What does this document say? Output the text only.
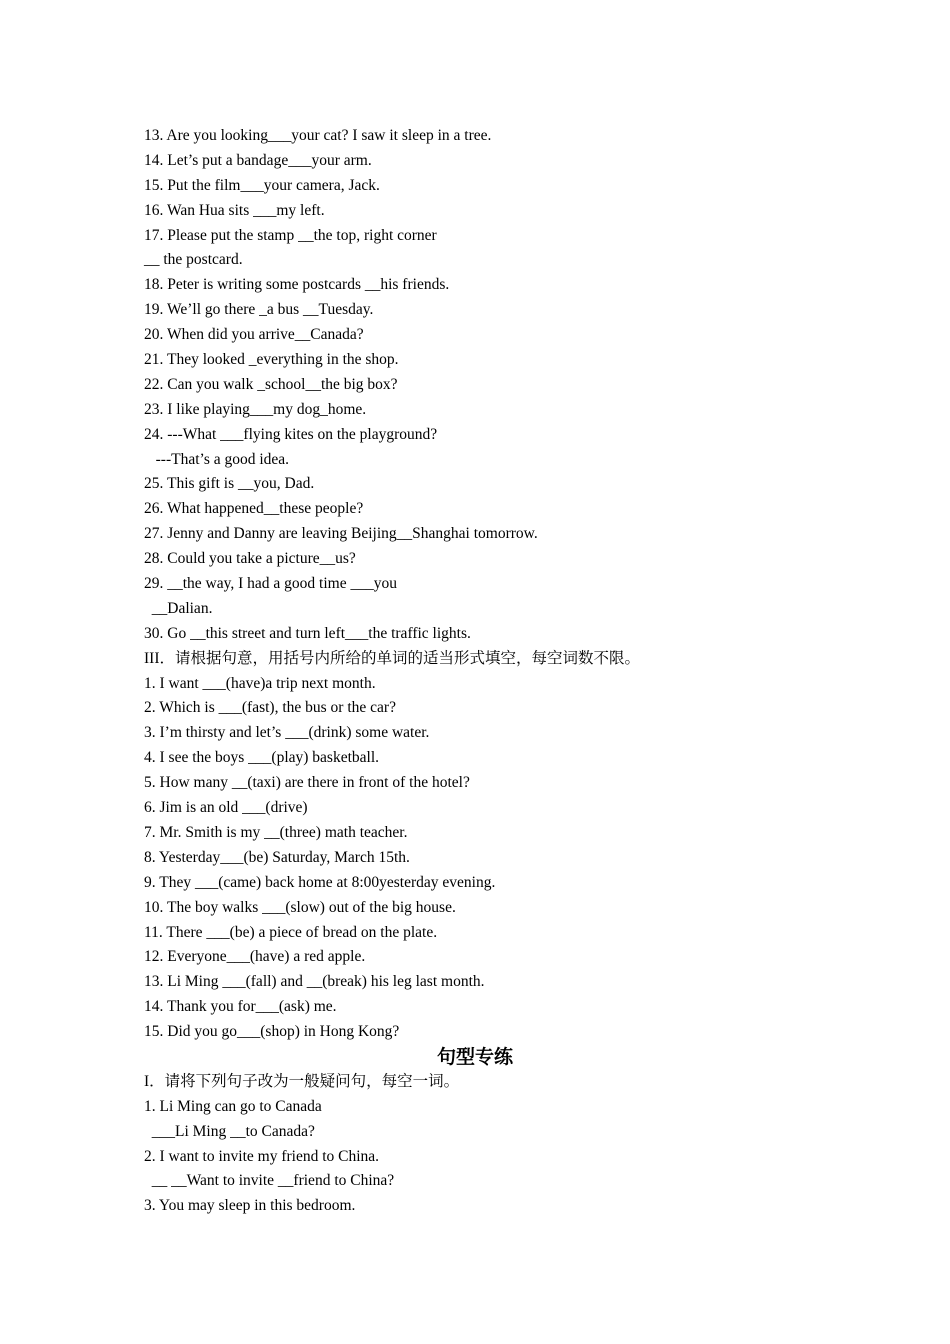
13. Are you looking___your cat? I saw it sleep in a tree.
14. Let’s put a bandage___your arm.
15. Put the film___your camera, Jack.
16. Wan Hua sits ___my left.
17. Please put the stamp __the top, right corner
__ the postcard.
18. Peter is writing some postcards __his friends.
19. We’ll go there _a bus __Tuesday.
20. When did you arrive__Canada?
21. They looked _everything in the shop.
22. Can you walk _school__the big box?
23. I like playing___my dog_home.
24. ---What ___flying kites on the playground?
---That’s a good idea.
25. This gift is __you, Dad.
26. What happened__these people?
27. Jenny and Danny are leaving Beijing__Shanghai tomorrow.
28. Could you take a picture__us?
29. __the way, I had a good time ___you
__Dalian.
30. Go __this street and turn left___the traffic lights.
III．请根据句意，用括号内所给的单词的适当形式填空，每空词数不限。
1. I want ___(have)a trip next month.
2. Which is ___(fast), the bus or the car?
3. I’m thirsty and let’s ___(drink) some water.
4. I see the boys ___(play) basketball.
5. How many __(taxi) are there in front of the hotel?
6. Jim is an old ___(drive)
7. Mr. Smith is my __(three) math teacher.
8. Yesterday___(be) Saturday, March 15th.
9. They ___(came) back home at 8:00yesterday evening.
10. The boy walks ___(slow) out of the big house.
11. There ___(be) a piece of bread on the plate.
12. Everyone___(have) a red apple.
13. Li Ming ___(fall) and __(break) his leg last month.
14. Thank you for___(ask) me.
15. Did you go___(shop) in Hong Kong?
句型专练
I．请将下列句子改为一般疑问句，每空一词。
1. Li Ming can go to Canada
___Li Ming __to Canada?
2. I want to invite my friend to China.
__ __Want to invite __friend to China?
3. You may sleep in this bedroom.
